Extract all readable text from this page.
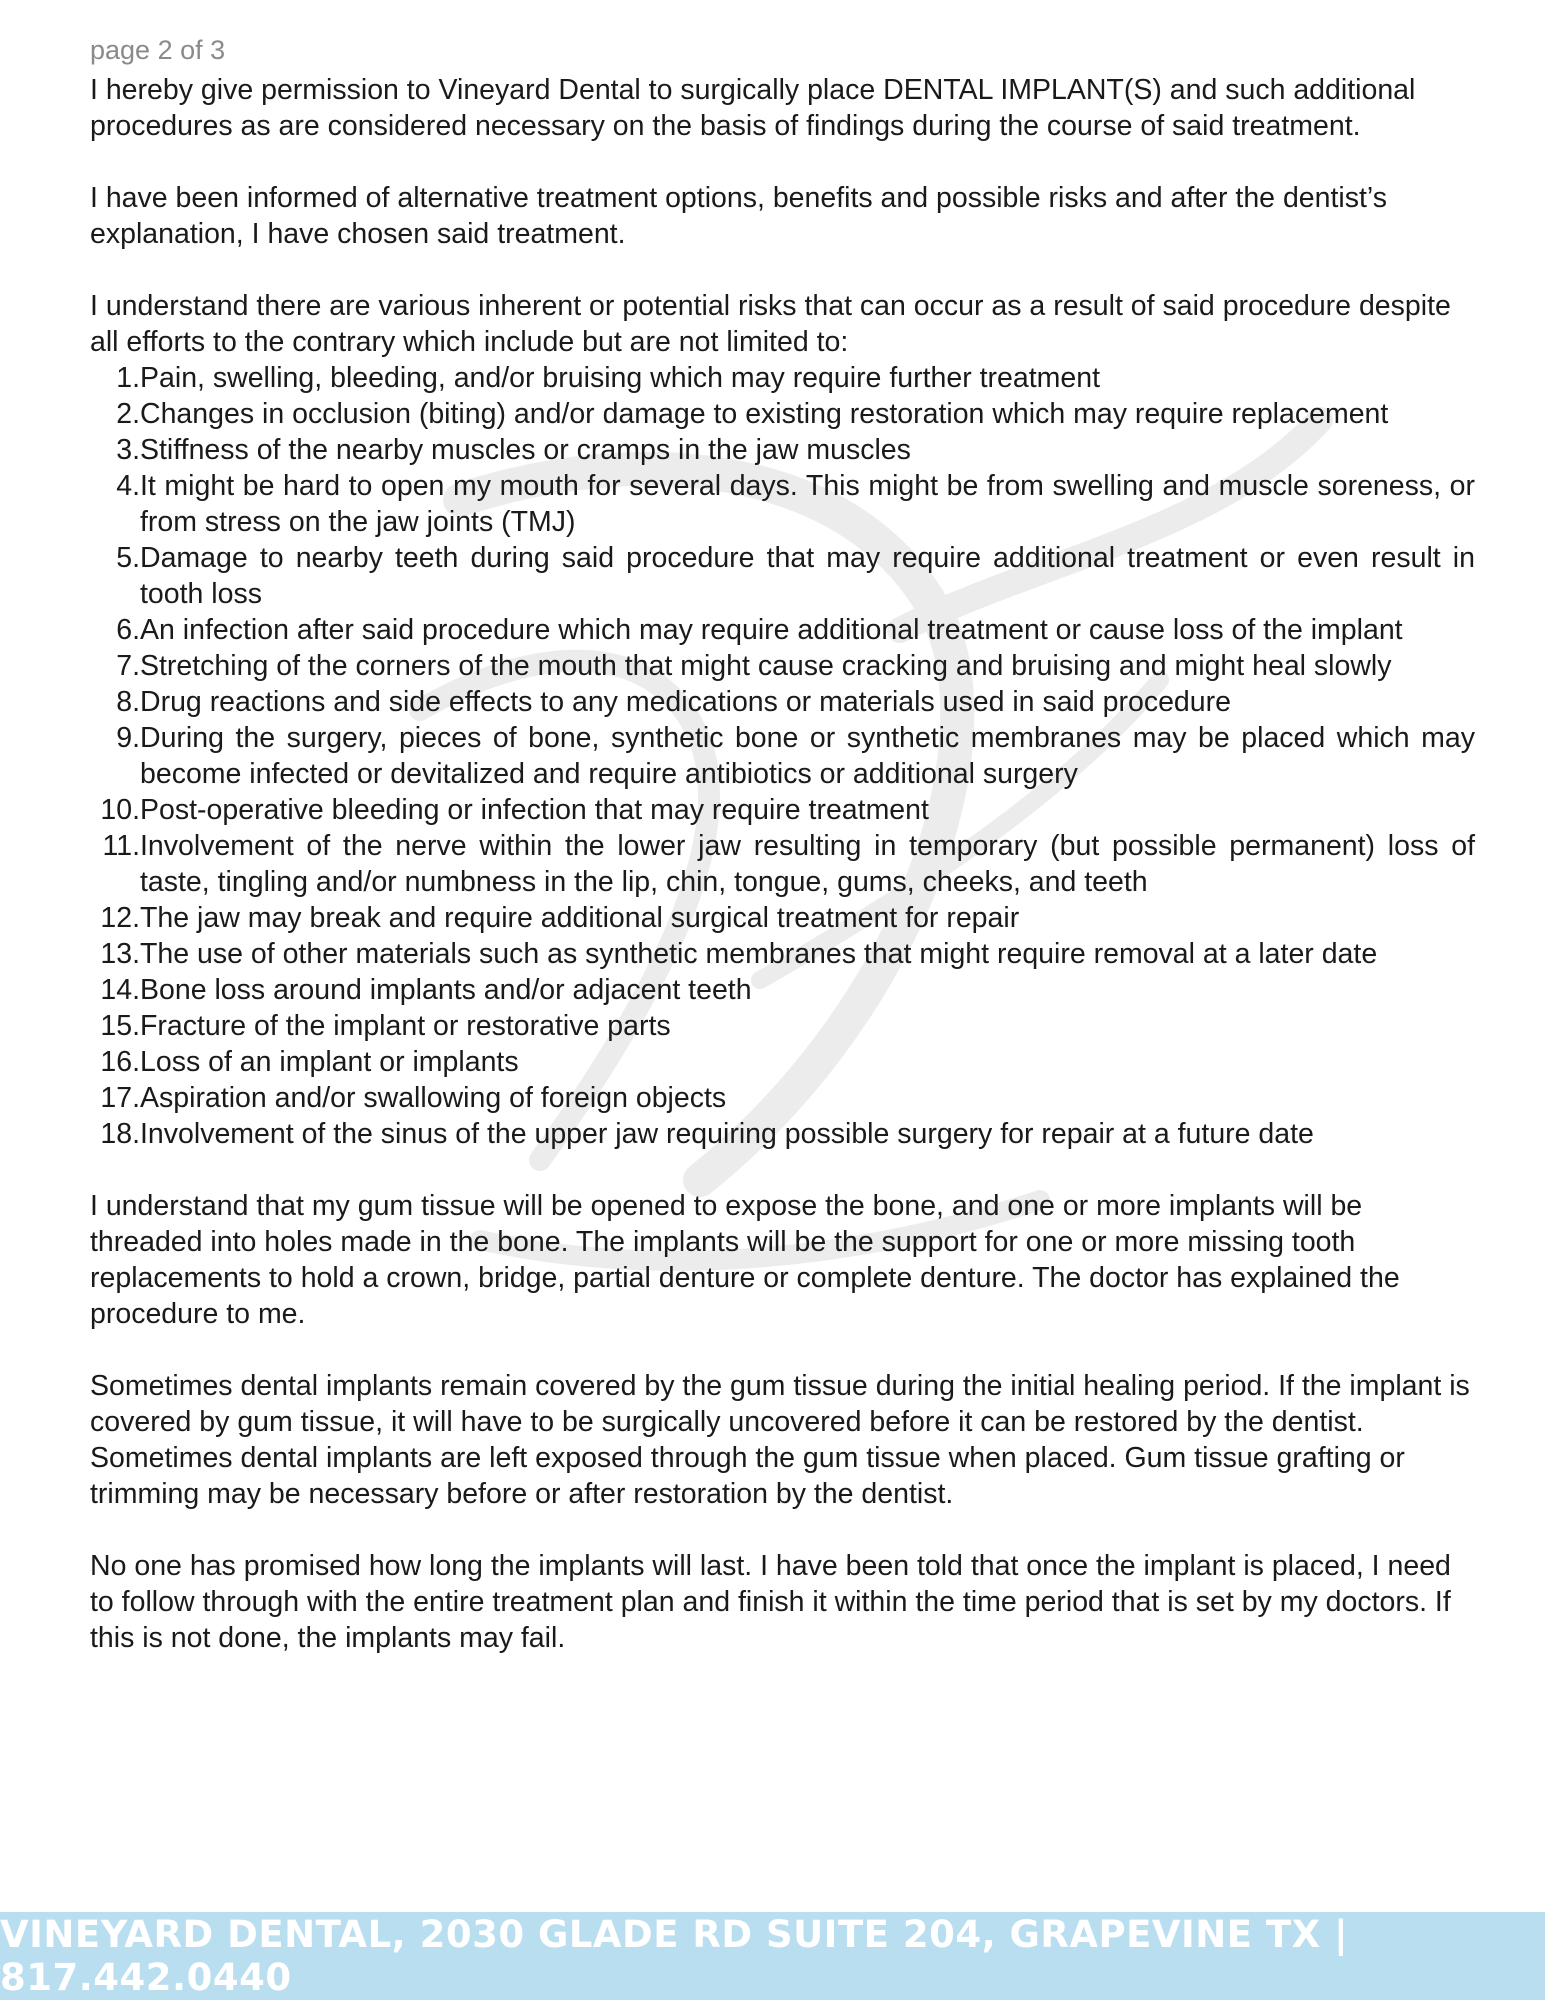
page 2 of 3

I hereby give permission to Vineyard Dental to surgically place DENTAL IMPLANT(S) and such additional procedures as are considered necessary on the basis of findings during the course of said treatment.

I have been informed of alternative treatment options, benefits and possible risks and after the dentist’s explanation, I have chosen said treatment.

I understand there are various inherent or potential risks that can occur as a result of said procedure despite all efforts to the contrary which include but are not limited to:

1. Pain, swelling, bleeding, and/or bruising which may require further treatment
2. Changes in occlusion (biting) and/or damage to existing restoration which may require replacement
3. Stiffness of the nearby muscles or cramps in the jaw muscles
4. It might be hard to open my mouth for several days. This might be from swelling and muscle soreness, or from stress on the jaw joints (TMJ)
5. Damage to nearby teeth during said procedure that may require additional treatment or even result in tooth loss
6. An infection after said procedure which may require additional treatment or cause loss of the implant
7. Stretching of the corners of the mouth that might cause cracking and bruising and might heal slowly
8. Drug reactions and side effects to any medications or materials used in said procedure
9. During the surgery, pieces of bone, synthetic bone or synthetic membranes may be placed which may become infected or devitalized and require antibiotics or additional surgery
10. Post-operative bleeding or infection that may require treatment
11. Involvement of the nerve within the lower jaw resulting in temporary (but possible permanent) loss of taste, tingling and/or numbness in the lip, chin, tongue, gums, cheeks, and teeth
12. The jaw may break and require additional surgical treatment for repair
13. The use of other materials such as synthetic membranes that might require removal at a later date
14. Bone loss around implants and/or adjacent teeth
15. Fracture of the implant or restorative parts
16. Loss of an implant or implants
17. Aspiration and/or swallowing of foreign objects
18. Involvement of the sinus of the upper jaw requiring possible surgery for repair at a future date

I understand that my gum tissue will be opened to expose the bone, and one or more implants will be threaded into holes made in the bone. The implants will be the support for one or more missing tooth replacements to hold a crown, bridge, partial denture or complete denture. The doctor has explained the procedure to me.

Sometimes dental implants remain covered by the gum tissue during the initial healing period. If the implant is covered by gum tissue, it will have to be surgically uncovered before it can be restored by the dentist. Sometimes dental implants are left exposed through the gum tissue when placed. Gum tissue grafting or trimming may be necessary before or after restoration by the dentist.

No one has promised how long the implants will last. I have been told that once the implant is placed, I need to follow through with the entire treatment plan and finish it within the time period that is set by my doctors. If this is not done, the implants may fail.

VINEYARD DENTAL, 2030 GLADE RD SUITE 204, GRAPEVINE TX | 817.442.0440
